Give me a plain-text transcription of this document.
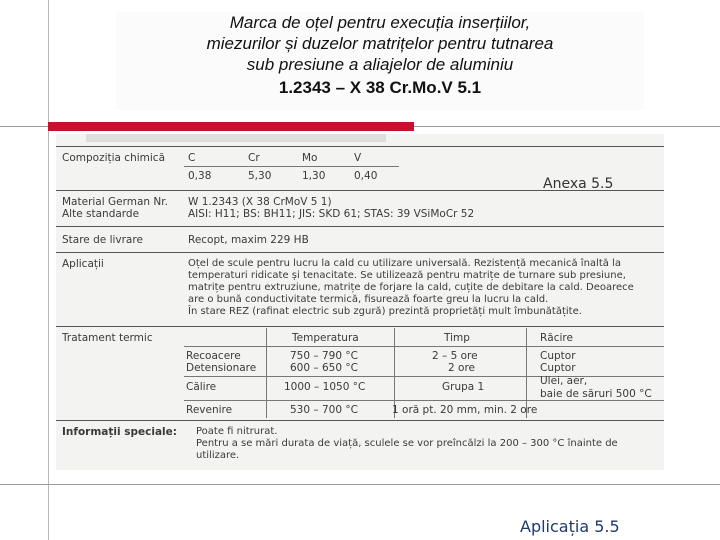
Marca de oțel pentru execuția inserțiilor,
miezurilor și duzelor matrițelor pentru tutnarea
sub presiune a aliajelor de aluminiu
1.2343 – X 38 Cr.Mo.V 5.1
Compoziția chimică C	Cr	Mo	V
0,38	5,30	1,30	0,40
Material German Nr. W 1.2343 (X 38 CrMoV 5 1)
Alte standarde	AISI: H11; BS: BH11; JIS: SKD 61; STAS: 39 VSiMoCr 52
Stare de livrare	Recopt, maxim 229 HB
Aplicații	Oțel de scule pentru lucru la cald cu utilizare universală. Rezistență mecanică înaltă la
temperaturi ridicate și tenacitate. Se utilizează pentru matrițe de turnare sub presiune,
matrițe pentru extruziune, matrițe de forjare la cald, cuțite de debitare la cald. Deoarece
are o bună conductivitate termică, fisurează foarte greu la lucru la cald.
În stare REZ (rafinat electric sub zgură) prezintă proprietăți mult îmbunătățite.
Tratament termic	Temperatura	Timp	Răcire
Recoacere	750 – 790 °C	2 – 5 ore	Cuptor
Detensionare	600 – 650 °C	2 ore	Cuptor
Călire	1000 – 1050 °C	Grupa 1	Ulei, aer,
baie de săruri 500 °C
Revenire	530 – 700 °C	1 oră pt. 20 mm, min. 2 ore
Informații speciale: Poate fi nitrurat.
Pentru a se mări durata de viață, sculele se vor preîncălzi la 200 – 300 °C înainte de
utilizare.
Anexa 5.5
Aplicația 5.5
